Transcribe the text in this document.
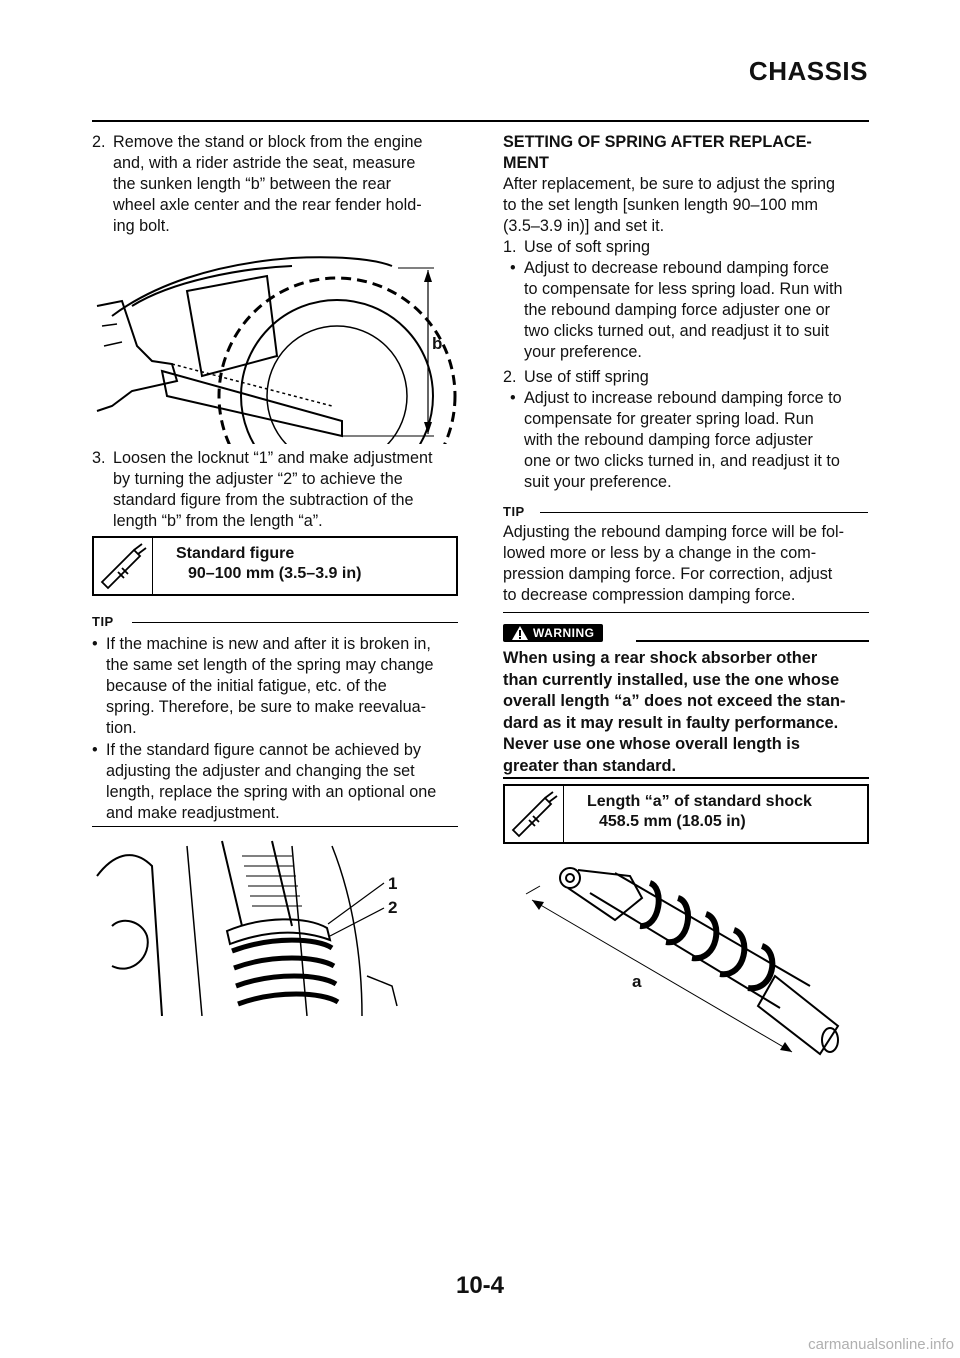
CHASSIS
2. Remove the stand or block from the engine
and, with a rider astride the seat, measure
the sunken length “b” between the rear
wheel axle center and the rear fender hold-
ing bolt.
b
3. Loosen the locknut “1” and make adjustment
by turning the adjuster “2” to achieve the
standard figure from the subtraction of the
length “b” from the length “a”.
Standard figure
90–100 mm (3.5–3.9 in)
TIP
• If the machine is new and after it is broken in,
the same set length of the spring may change
because of the initial fatigue, etc. of the
spring. Therefore, be sure to make reevalua-
tion.
• If the standard figure cannot be achieved by
adjusting the adjuster and changing the set
length, replace the spring with an optional one
and make readjustment.
1
2
SETTING OF SPRING AFTER REPLACE-
MENT
After replacement, be sure to adjust the spring
to the set length [sunken length 90–100 mm
(3.5–3.9 in)] and set it.
1. Use of soft spring
• Adjust to decrease rebound damping force
to compensate for less spring load. Run with
the rebound damping force adjuster one or
two clicks turned out, and readjust it to suit
your preference.
2. Use of stiff spring
• Adjust to increase rebound damping force to
compensate for greater spring load. Run
with the rebound damping force adjuster
one or two clicks turned in, and readjust it to
suit your preference.
TIP
Adjusting the rebound damping force will be fol-
lowed more or less by a change in the com-
pression damping force. For correction, adjust
to decrease compression damping force.
WARNING
When using a rear shock absorber other
than currently installed, use the one whose
overall length “a” does not exceed the stan-
dard as it may result in faulty performance.
Never use one whose overall length is
greater than standard.
Length “a” of standard shock
458.5 mm (18.05 in)
a
10-4
carmanualsonline.info
